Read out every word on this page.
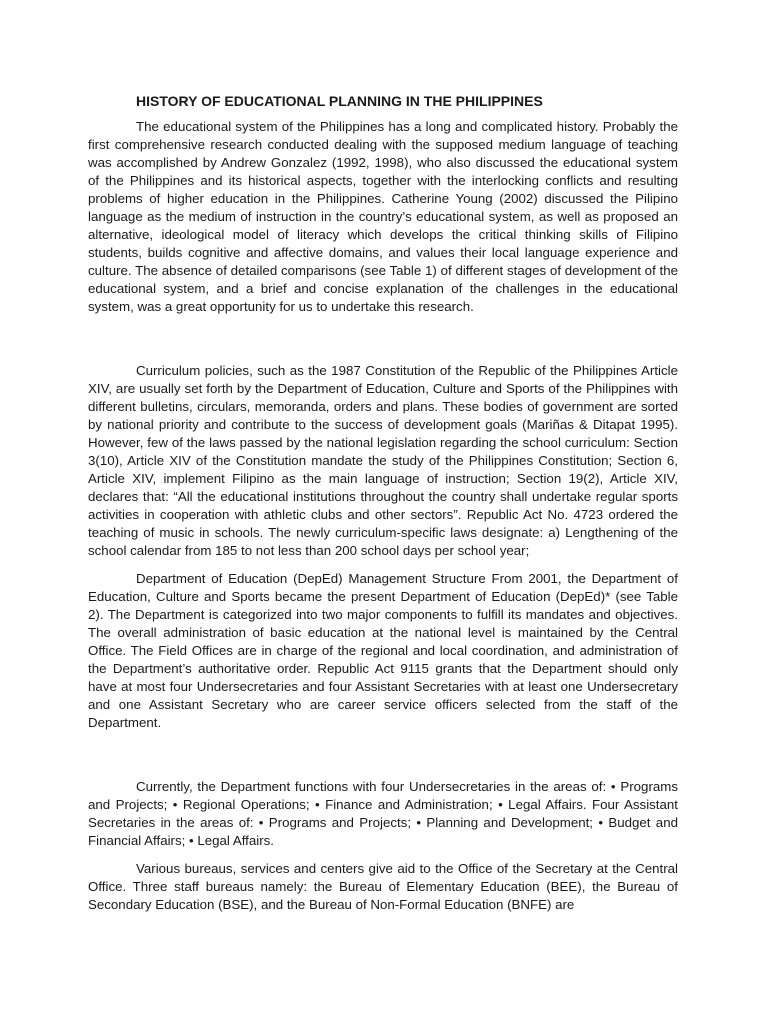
HISTORY OF EDUCATIONAL PLANNING IN THE PHILIPPINES

The educational system of the Philippines has a long and complicated history. Probably the first comprehensive research conducted dealing with the supposed medium language of teaching was accomplished by Andrew Gonzalez (1992, 1998), who also discussed the educational system of the Philippines and its historical aspects, together with the interlocking conflicts and resulting problems of higher education in the Philippines. Catherine Young (2002) discussed the Pilipino language as the medium of instruction in the country’s educational system, as well as proposed an alternative, ideological model of literacy which develops the critical thinking skills of Filipino students, builds cognitive and affective domains, and values their local language experience and culture. The absence of detailed comparisons (see Table 1) of different stages of development of the educational system, and a brief and concise explanation of the challenges in the educational system, was a great opportunity for us to undertake this research.

Curriculum policies, such as the 1987 Constitution of the Republic of the Philippines Article XIV, are usually set forth by the Department of Education, Culture and Sports of the Philippines with different bulletins, circulars, memoranda, orders and plans. These bodies of government are sorted by national priority and contribute to the success of development goals (Mariñas & Ditapat 1995). However, few of the laws passed by the national legislation regarding the school curriculum: Section 3(10), Article XIV of the Constitution mandate the study of the Philippines Constitution; Section 6, Article XIV, implement Filipino as the main language of instruction; Section 19(2), Article XIV, declares that: “All the educational institutions throughout the country shall undertake regular sports activities in cooperation with athletic clubs and other sectors”. Republic Act No. 4723 ordered the teaching of music in schools. The newly curriculum-specific laws designate: a) Lengthening of the school calendar from 185 to not less than 200 school days per school year;

Department of Education (DepEd) Management Structure From 2001, the Department of Education, Culture and Sports became the present Department of Education (DepEd)* (see Table 2). The Department is categorized into two major components to fulfill its mandates and objectives. The overall administration of basic education at the national level is maintained by the Central Office. The Field Offices are in charge of the regional and local coordination, and administration of the Department’s authoritative order. Republic Act 9115 grants that the Department should only have at most four Undersecretaries and four Assistant Secretaries with at least one Undersecretary and one Assistant Secretary who are career service officers selected from the staff of the Department.

Currently, the Department functions with four Undersecretaries in the areas of: • Programs and Projects; • Regional Operations; • Finance and Administration; • Legal Affairs. Four Assistant Secretaries in the areas of: • Programs and Projects; • Planning and Development; • Budget and Financial Affairs; • Legal Affairs.

Various bureaus, services and centers give aid to the Office of the Secretary at the Central Office. Three staff bureaus namely: the Bureau of Elementary Education (BEE), the Bureau of Secondary Education (BSE), and the Bureau of Non-Formal Education (BNFE) are
